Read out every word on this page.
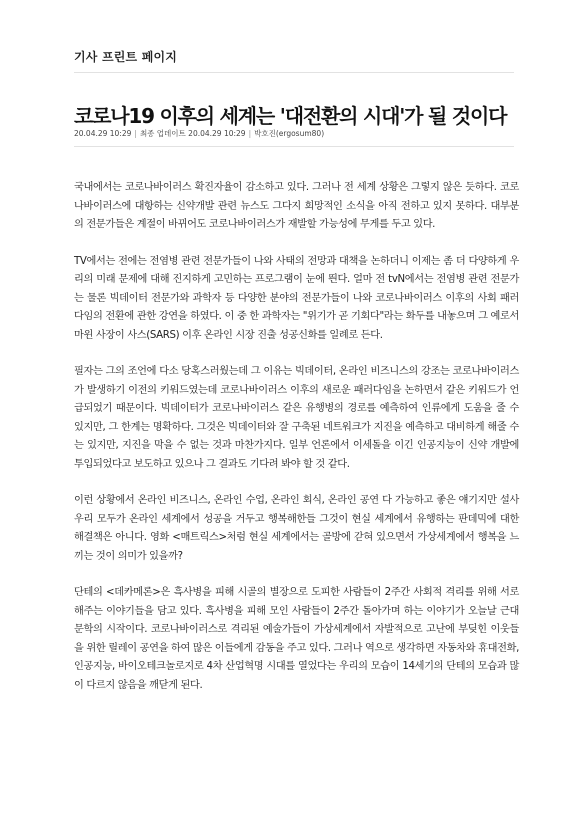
기사 프린트 페이지
코로나19 이후의 세계는 '대전환의 시대'가 될 것이다
20.04.29 10:29 | 최종 업데이트 20.04.29 10:29 | 박호진(ergosum80)

국내에서는 코로나바이러스 확진자율이 감소하고 있다. 그러나 전 세계 상황은 그렇지 않은 듯하다. 코로나바이러스에 대항하는 신약개발 관련 뉴스도 그다지 희망적인 소식을 아직 전하고 있지 못하다. 대부분의 전문가들은 계절이 바뀌어도 코로나바이러스가 재발할 가능성에 무게를 두고 있다.

TV에서는 전에는 전염병 관련 전문가들이 나와 사태의 전망과 대책을 논하더니 이제는 좀 더 다양하게 우리의 미래 문제에 대해 진지하게 고민하는 프로그램이 눈에 띈다. 얼마 전 tvN에서는 전염병 관련 전문가는 물론 빅데이터 전문가와 과학자 등 다양한 분야의 전문가들이 나와 코로나바이러스 이후의 사회 패러다임의 전환에 관한 강연을 하였다. 이 중 한 과학자는 "위기가 곧 기회다"라는 화두를 내놓으며 그 예로서 마윈 사장이 사스(SARS) 이후 온라인 시장 진출 성공신화를 일례로 든다.

필자는 그의 조언에 다소 당혹스러웠는데 그 이유는 빅데이터, 온라인 비즈니스의 강조는 코로나바이러스가 발생하기 이전의 키워드였는데 코로나바이러스 이후의 새로운 패러다임을 논하면서 같은 키워드가 언급되었기 때문이다. 빅데이터가 코로나바이러스 같은 유행병의 경로를 예측하여 인류에게 도움을 줄 수 있지만, 그 한계는 명확하다. 그것은 빅데이터와 잘 구축된 네트워크가 지진을 예측하고 대비하게 해줄 수는 있지만, 지진을 막을 수 없는 것과 마찬가지다. 일부 언론에서 이세돌을 이긴 인공지능이 신약 개발에 투입되었다고 보도하고 있으나 그 결과도 기다려 봐야 할 것 같다.

이런 상황에서 온라인 비즈니스, 온라인 수업, 온라인 회식, 온라인 공연 다 가능하고 좋은 얘기지만 설사 우리 모두가 온라인 세계에서 성공을 거두고 행복해한들 그것이 현실 세계에서 유행하는 판데믹에 대한 해결책은 아니다. 영화 <매트릭스>처럼 현실 세계에서는 골방에 갇혀 있으면서 가상세계에서 행복을 느끼는 것이 의미가 있을까?

단테의 <데카메론>은 흑사병을 피해 시골의 별장으로 도피한 사람들이 2주간 사회적 격리를 위해 서로 해주는 이야기들을 담고 있다. 흑사병을 피해 모인 사람들이 2주간 돌아가며 하는 이야기가 오늘날 근대문학의 시작이다. 코로나바이러스로 격리된 예술가들이 가상세계에서 자발적으로 고난에 부딪힌 이웃들을 위한 릴레이 공연을 하여 많은 이들에게 감동을 주고 있다. 그러나 역으로 생각하면 자동차와 휴대전화, 인공지능, 바이오테크놀로지로 4차 산업혁명 시대를 열었다는 우리의 모습이 14세기의 단테의 모습과 많이 다르지 않음을 깨닫게 된다.
